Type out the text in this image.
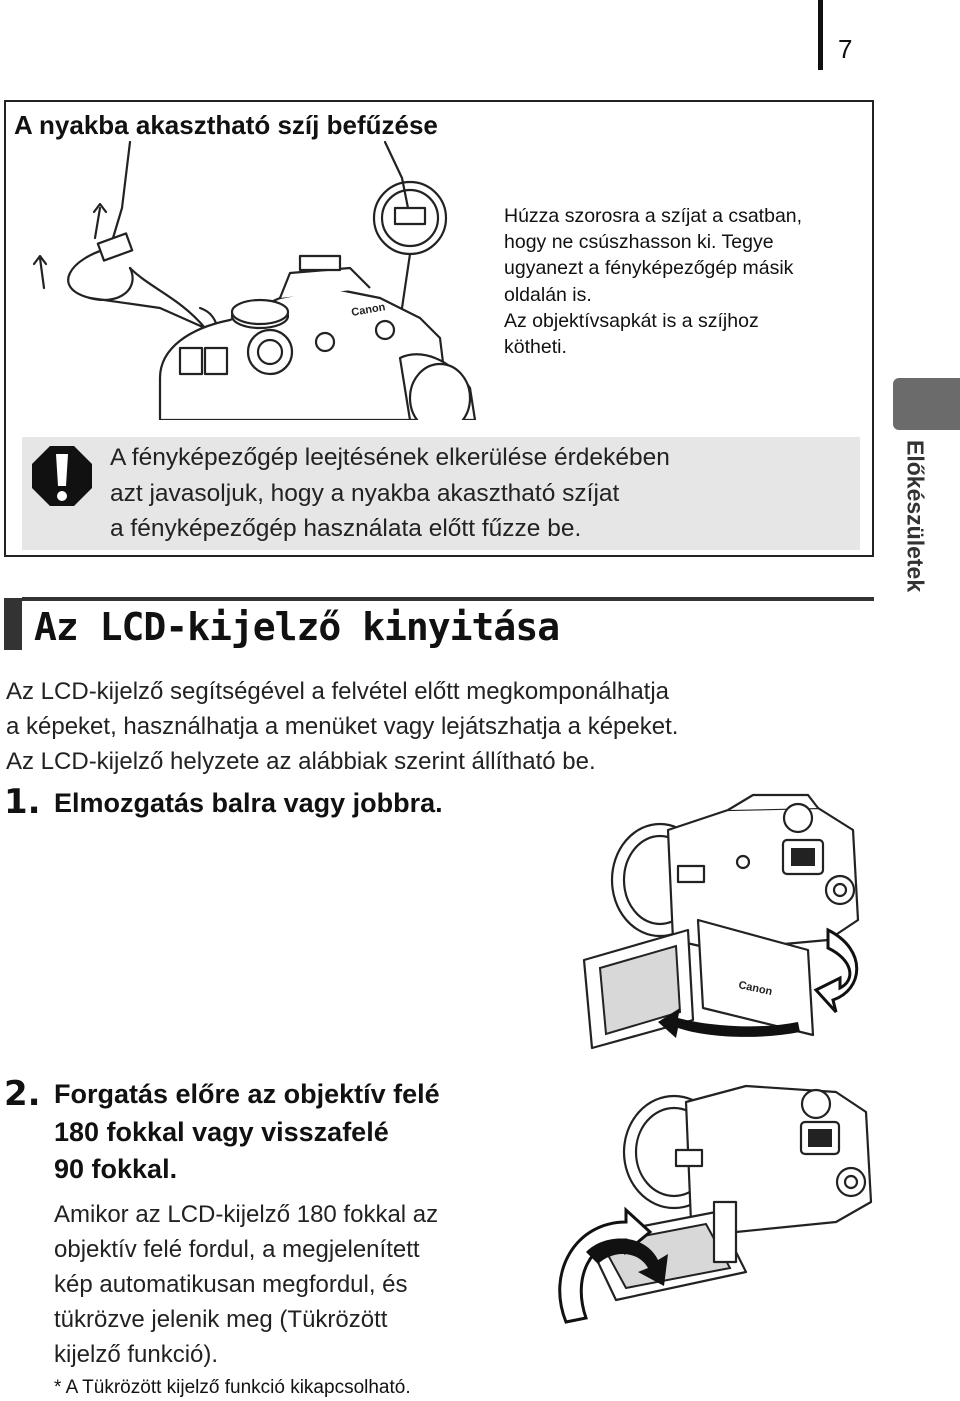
7
A nyakba akasztható szíj befűzése
Canon
Húzza szorosra a szíjat a csatban,
hogy ne csúszhasson ki. Tegye
ugyanezt a fényképezőgép másik
oldalán is.
Az objektívsapkát is a szíjhoz
kötheti.
A fényképezőgép leejtésének elkerülése érdekében
azt javasoljuk, hogy a nyakba akasztható szíjat
a fényképezőgép használata előtt fűzze be.	Előkészületek
Az LCD-kijelző kinyitása
Az LCD-kijelző segítségével a felvétel előtt megkomponálhatja
a képeket, használhatja a menüket vagy lejátszhatja a képeket.
Az LCD-kijelző helyzete az alábbiak szerint állítható be.
1. Elmozgatás balra vagy jobbra.
Canon
2. Forgatás előre az objektív felé
180 fokkal vagy visszafelé
90 fokkal.
Amikor az LCD-kijelző 180 fokkal az
objektív felé fordul, a megjelenített
kép automatikusan megfordul, és
tükrözve jelenik meg (Tükrözött
kijelző funkció).
* A Tükrözött kijelző funkció kikapcsolható.
